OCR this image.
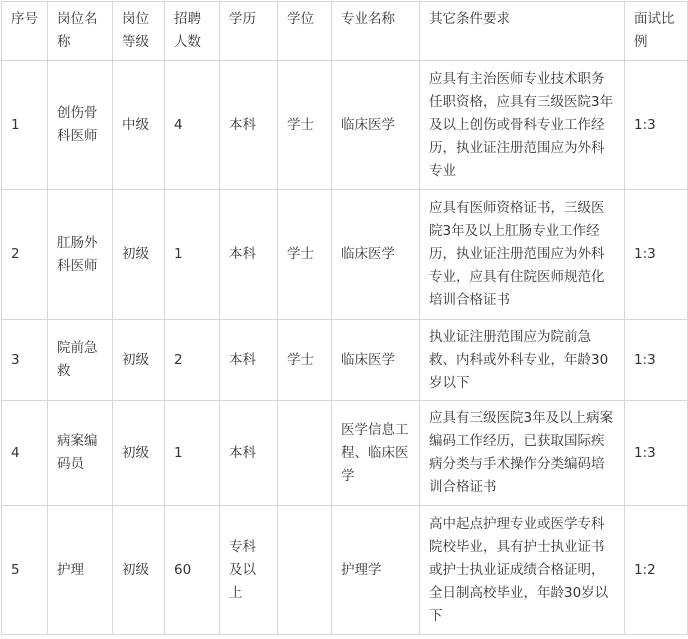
序号	岗位名称	岗位等级	招聘人数	学历	学位	专业名称	其它条件要求	面试比例
1	创伤骨科医师	中级	4	本科	学士	临床医学	应具有主治医师专业技术职务任职资格，应具有三级医院3年及以上创伤或骨科专业工作经历，执业证注册范围应为外科专业	1:3
2	肛肠外科医师	初级	1	本科	学士	临床医学	应具有医师资格证书，三级医院3年及以上肛肠专业工作经历，执业证注册范围应为外科专业，应具有住院医师规范化培训合格证书	1:3
3	院前急救	初级	2	本科	学士	临床医学	执业证注册范围应为院前急救、内科或外科专业，年龄30岁以下	1:3
4	病案编码员	初级	1	本科		医学信息工程、临床医学	应具有三级医院3年及以上病案编码工作经历，已获取国际疾病分类与手术操作分类编码培训合格证书	1:3
5	护理	初级	60	专科及以上		护理学	高中起点护理专业或医学专科院校毕业，具有护士执业证书或护士执业证成绩合格证明，全日制高校毕业，年龄30岁以下	1:2
